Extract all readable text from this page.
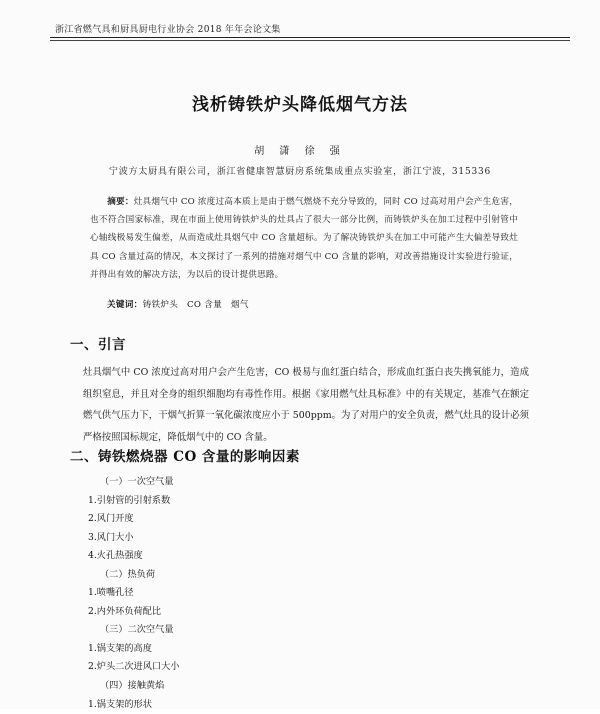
浙江省燃气具和厨具厨电行业协会 2018 年年会论文集
浅析铸铁炉头降低烟气方法
胡 潇 徐 强
宁波方太厨具有限公司，浙江省健康智慧厨房系统集成重点实验室，浙江宁波，315336
摘要：灶具烟气中 CO 浓度过高本质上是由于燃气燃烧不充分导致的，同时 CO 过高对用户会产生危害，也不符合国家标准，现在市面上使用铸铁炉头的灶具占了很大一部分比例，而铸铁炉头在加工过程中引射管中心轴线极易发生偏差，从而造成灶具烟气中 CO 含量超标。为了解决铸铁炉头在加工中可能产生大偏差导致灶具 CO 含量过高的情况，本文探讨了一系列的措施对烟气中 CO 含量的影响，对改善措施设计实验进行验证，并得出有效的解决方法，为以后的设计提供思路。
关键词：铸铁炉头　CO 含量　烟气
一、引言
灶具烟气中 CO 浓度过高对用户会产生危害，CO 极易与血红蛋白结合，形成血红蛋白丧失携氧能力，造成组织窒息，并且对全身的组织细胞均有毒性作用。根据《家用燃气灶具标准》中的有关规定，基准气在额定燃气供气压力下，干烟气折算一氧化碳浓度应小于 500ppm。为了对用户的安全负责，燃气灶具的设计必须严格按照国标规定，降低烟气中的 CO 含量。
二、铸铁燃烧器 CO 含量的影响因素
（一）一次空气量
1.引射管的引射系数
2.风门开度
3.风门大小
4.火孔热强度
（二）热负荷
1.喷嘴孔径
2.内外环负荷配比
（三）二次空气量
1.锅支架的高度
2.炉头二次进风口大小
（四）接触黄焰
1.锅支架的形状
